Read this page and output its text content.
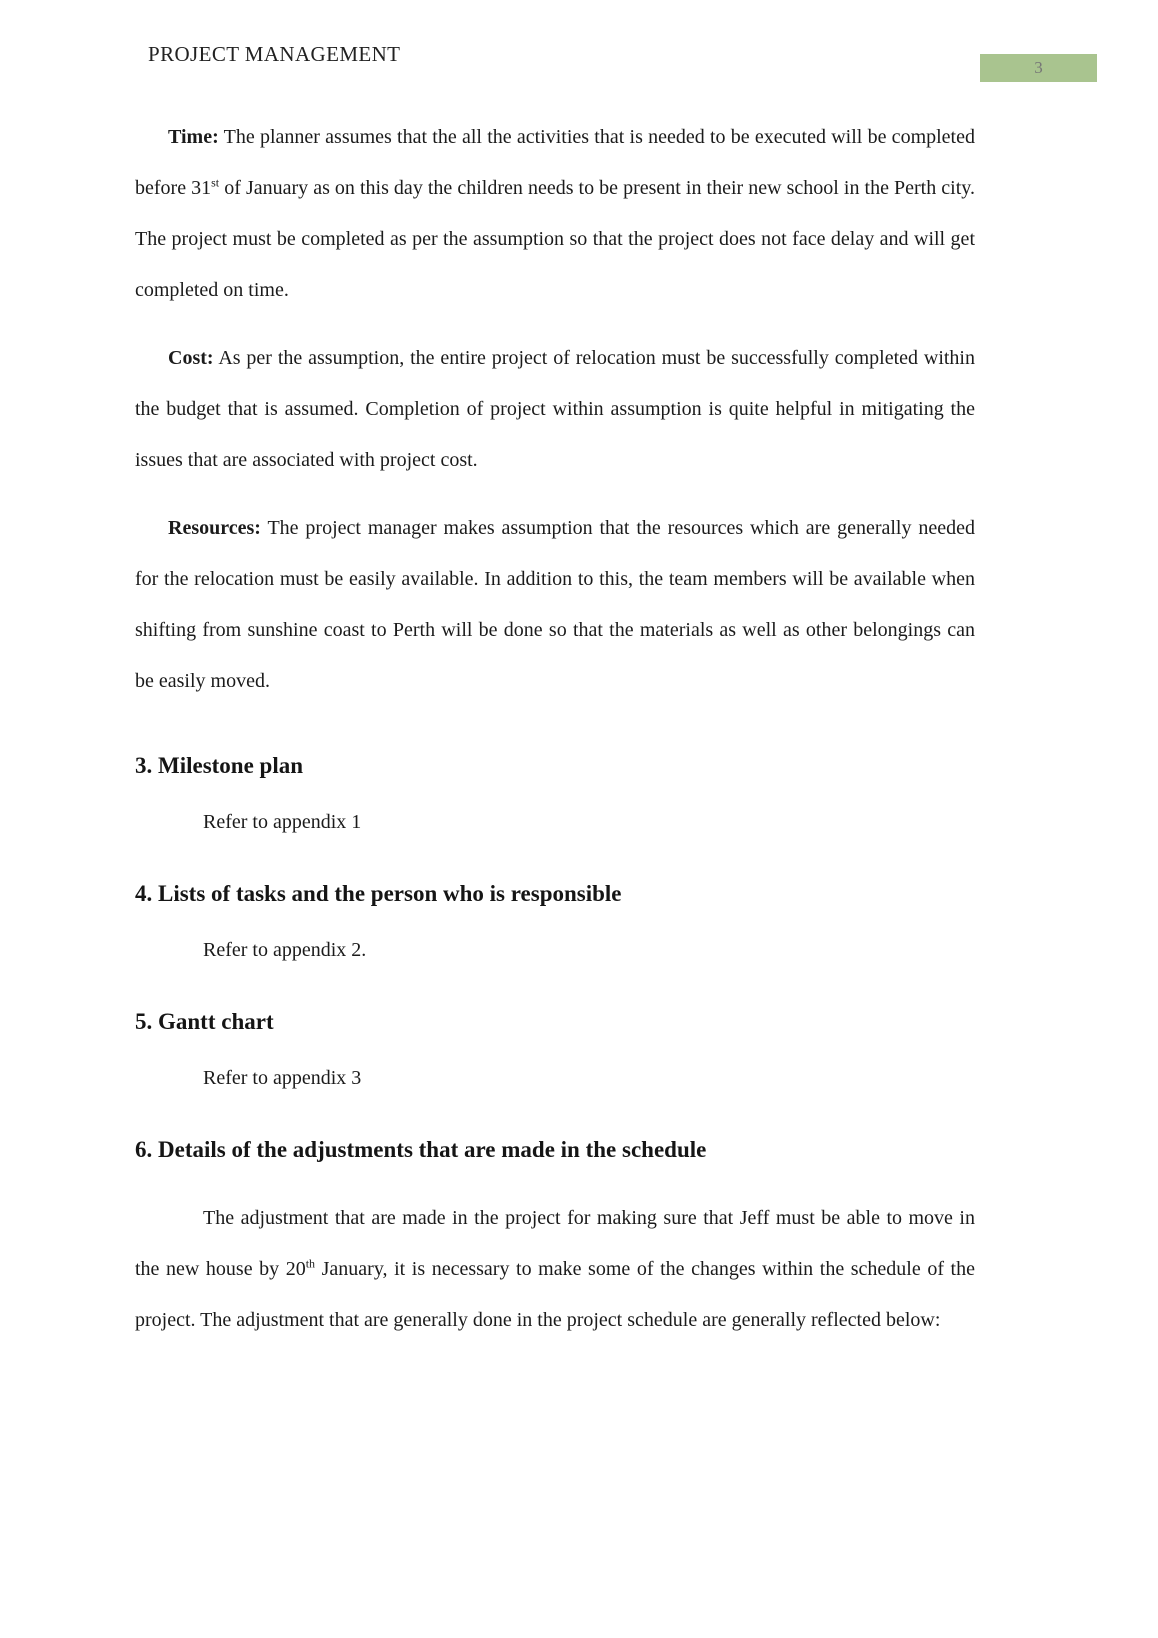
PROJECT MANAGEMENT
3

Time: The planner assumes that the all the activities that is needed to be executed will be completed before 31st of January as on this day the children needs to be present in their new school in the Perth city. The project must be completed as per the assumption so that the project does not face delay and will get completed on time.

Cost: As per the assumption, the entire project of relocation must be successfully completed within the budget that is assumed. Completion of project within assumption is quite helpful in mitigating the issues that are associated with project cost.

Resources: The project manager makes assumption that the resources which are generally needed for the relocation must be easily available. In addition to this, the team members will be available when shifting from sunshine coast to Perth will be done so that the materials as well as other belongings can be easily moved.

3. Milestone plan

Refer to appendix 1

4. Lists of tasks and the person who is responsible

Refer to appendix 2.

5. Gantt chart

Refer to appendix 3

6. Details of the adjustments that are made in the schedule

The adjustment that are made in the project for making sure that Jeff must be able to move in the new house by 20th January, it is necessary to make some of the changes within the schedule of the project. The adjustment that are generally done in the project schedule are generally reflected below:
